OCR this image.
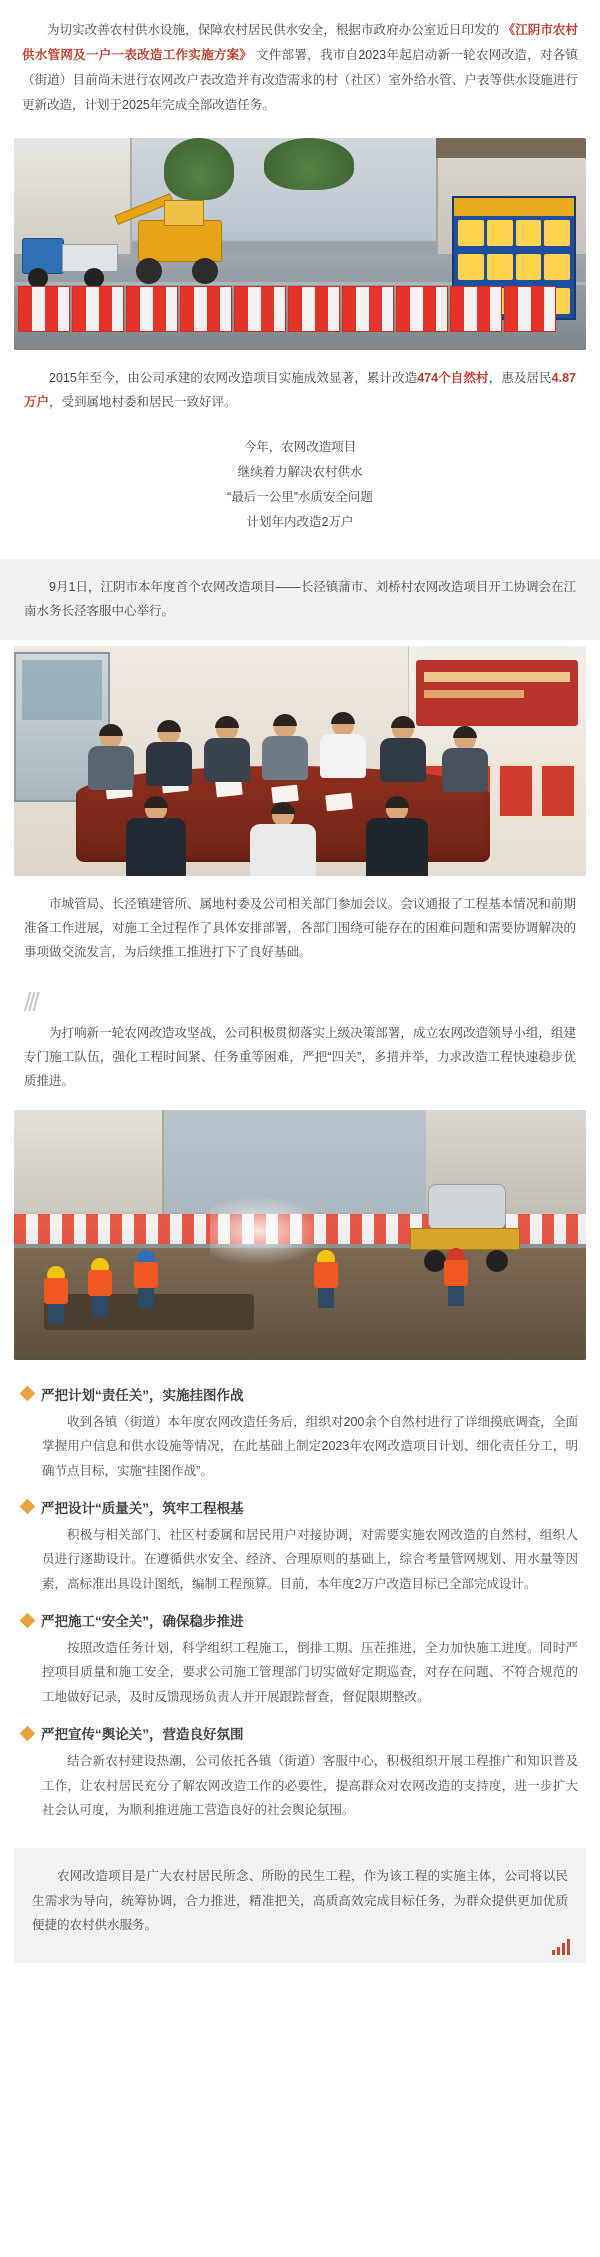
为切实改善农村供水设施，保障农村居民供水安全，根据市政府办公室近日印发的 《江阴市农村供水管网及一户一表改造工作实施方案》 文件部署，我市自2023年起启动新一轮农网改造，对各镇（街道）目前尚未进行农网改户表改造并有改造需求的村（社区）室外给水管、户表等供水设施进行更新改造，计划于2025年完成全部改造任务。
2015年至今，由公司承建的农网改造项目实施成效显著，累计改造474个自然村，惠及居民4.87万户，受到属地村委和居民一致好评。
今年，农网改造项目
继续着力解决农村供水
“最后一公里”水质安全问题
计划年内改造2万户
9月1日，江阴市本年度首个农网改造项目——长泾镇蒲市、刘桥村农网改造项目开工协调会在江南水务长泾客服中心举行。
市城管局、长泾镇建管所、属地村委及公司相关部门参加会议。会议通报了工程基本情况和前期准备工作进展，对施工全过程作了具体安排部署，各部门围绕可能存在的困难问题和需要协调解决的事项做交流发言，为后续推工推进打下了良好基础。
///
为打响新一轮农网改造攻坚战，公司积极贯彻落实上级决策部署，成立农网改造领导小组，组建专门施工队伍，强化工程时间紧、任务重等困难，严把“四关”，多措并举，力求改造工程快速稳步优质推进。
严把计划“责任关”，实施挂图作战
收到各镇（街道）本年度农网改造任务后，组织对200余个自然村进行了详细摸底调查，全面掌握用户信息和供水设施等情况，在此基础上制定2023年农网改造项目计划、细化责任分工，明确节点目标，实施“挂图作战”。
严把设计“质量关”，筑牢工程根基
积极与相关部门、社区村委属和居民用户对接协调，对需要实施农网改造的自然村，组织人员进行逐勘设计。在遵循供水安全、经济、合理原则的基础上，综合考量管网规划、用水量等因素，高标准出具设计图纸，编制工程预算。目前，本年度2万户改造目标已全部完成设计。
严把施工“安全关”，确保稳步推进
按照改造任务计划，科学组织工程施工，倒排工期、压茬推进，全力加快施工进度。同时严控项目质量和施工安全，要求公司施工管理部门切实做好定期巡查，对存在问题、不符合规范的工地做好记录，及时反馈现场负责人并开展跟踪督查，督促限期整改。
严把宣传“舆论关”，营造良好氛围
结合新农村建设热潮，公司依托各镇（街道）客服中心，积极组织开展工程推广和知识普及工作，让农村居民充分了解农网改造工作的必要性，提高群众对农网改造的支持度，进一步扩大社会认可度，为顺利推进施工营造良好的社会舆论氛围。
农网改造项目是广大农村居民所念、所盼的民生工程，作为该工程的实施主体，公司将以民生需求为导向，统筹协调，合力推进，精准把关，高质高效完成目标任务，为群众提供更加优质便捷的农村供水服务。
